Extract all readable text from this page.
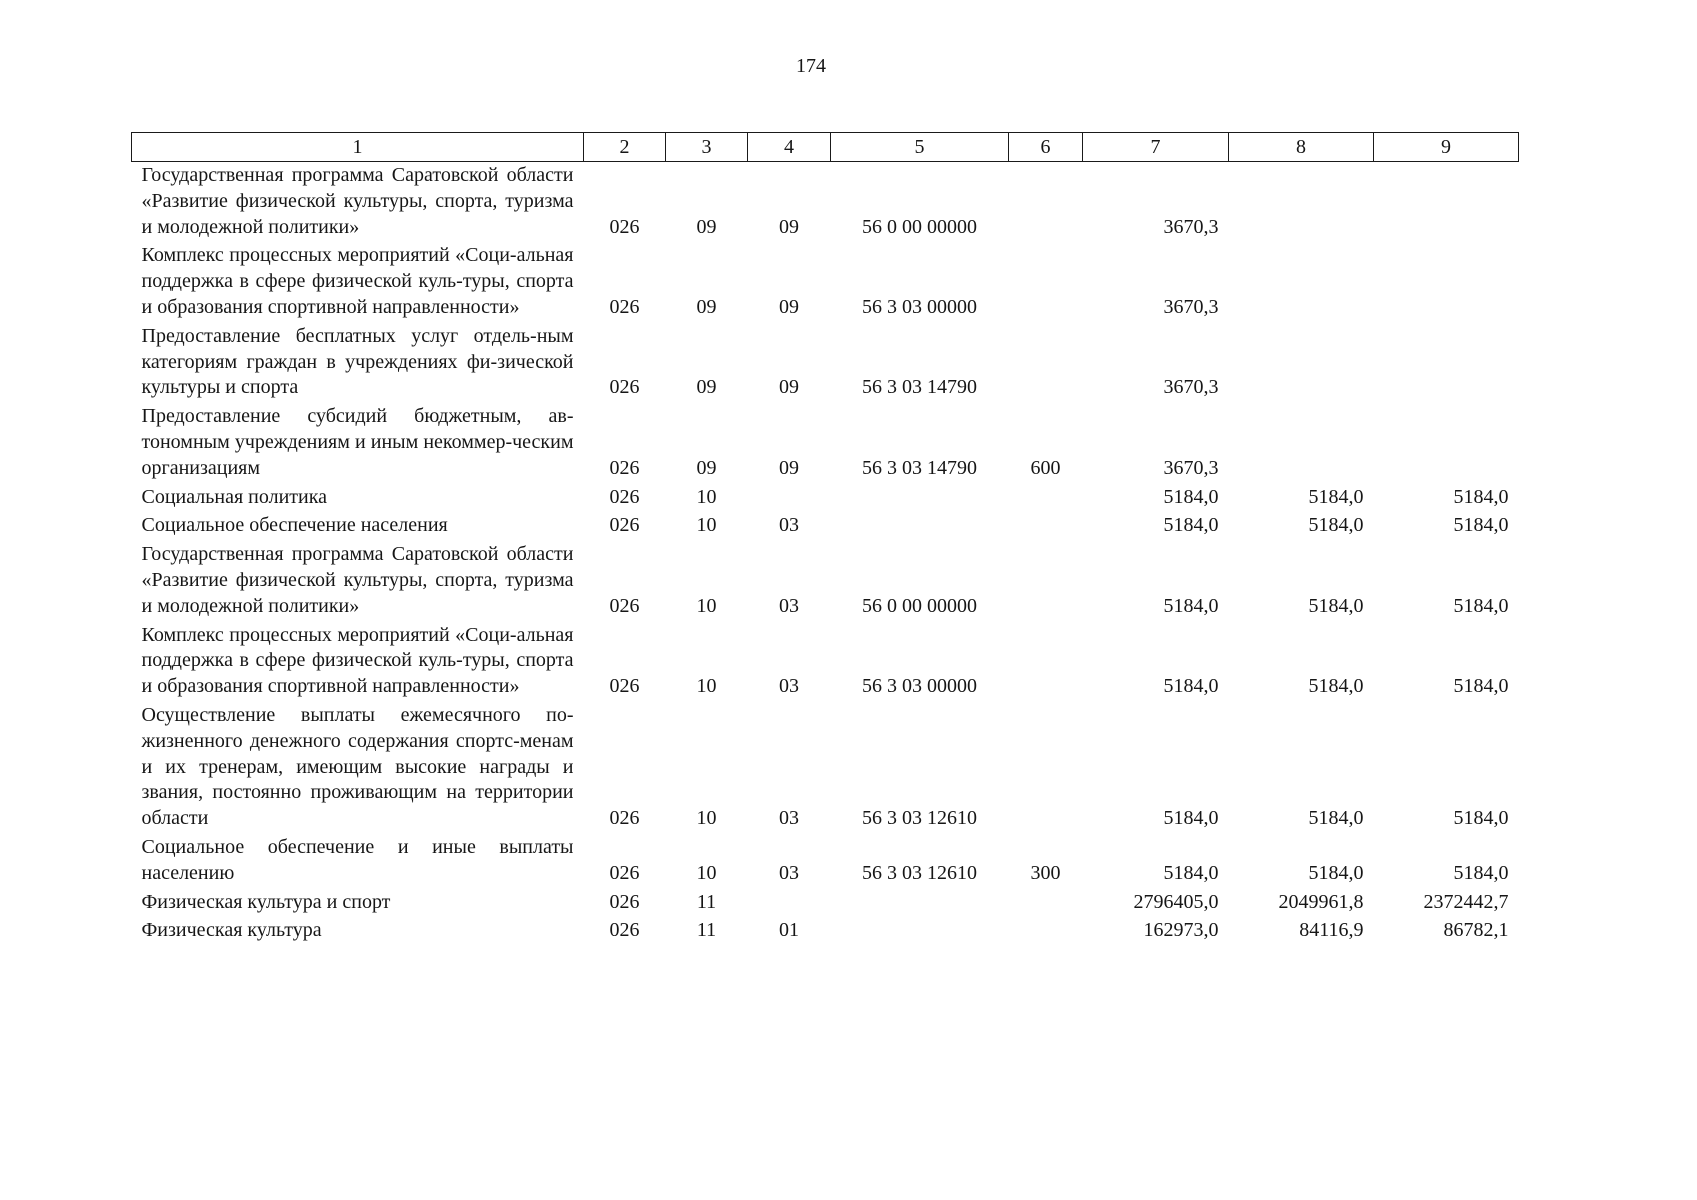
174
1	2	3	4	5	6	7	8	9
Государственная программа Саратовской области «Развитие физической культуры, спорта, туризма и молодежной политики»	026	09	09	56 0 00 00000		3670,3		
Комплекс процессных мероприятий «Соци-альная поддержка в сфере физической куль-туры, спорта и образования спортивной направленности»	026	09	09	56 3 03 00000		3670,3		
Предоставление бесплатных услуг отдель-ным категориям граждан в учреждениях фи-зической культуры и спорта	026	09	09	56 3 03 14790		3670,3		
Предоставление субсидий бюджетным, ав-тономным учреждениям и иным некоммер-ческим организациям	026	09	09	56 3 03 14790	600	3670,3		
Социальная политика	026	10				5184,0	5184,0	5184,0
Социальное обеспечение населения	026	10	03			5184,0	5184,0	5184,0
Государственная программа Саратовской области «Развитие физической культуры, спорта, туризма и молодежной политики»	026	10	03	56 0 00 00000		5184,0	5184,0	5184,0
Комплекс процессных мероприятий «Соци-альная поддержка в сфере физической куль-туры, спорта и образования спортивной направленности»	026	10	03	56 3 03 00000		5184,0	5184,0	5184,0
Осуществление выплаты ежемесячного по-жизненного денежного содержания спортс-менам и их тренерам, имеющим высокие награды и звания, постоянно проживающим на территории области	026	10	03	56 3 03 12610		5184,0	5184,0	5184,0
Социальное обеспечение и иные выплаты населению	026	10	03	56 3 03 12610	300	5184,0	5184,0	5184,0
Физическая культура и спорт	026	11				2796405,0	2049961,8	2372442,7
Физическая культура	026	11	01			162973,0	84116,9	86782,1
